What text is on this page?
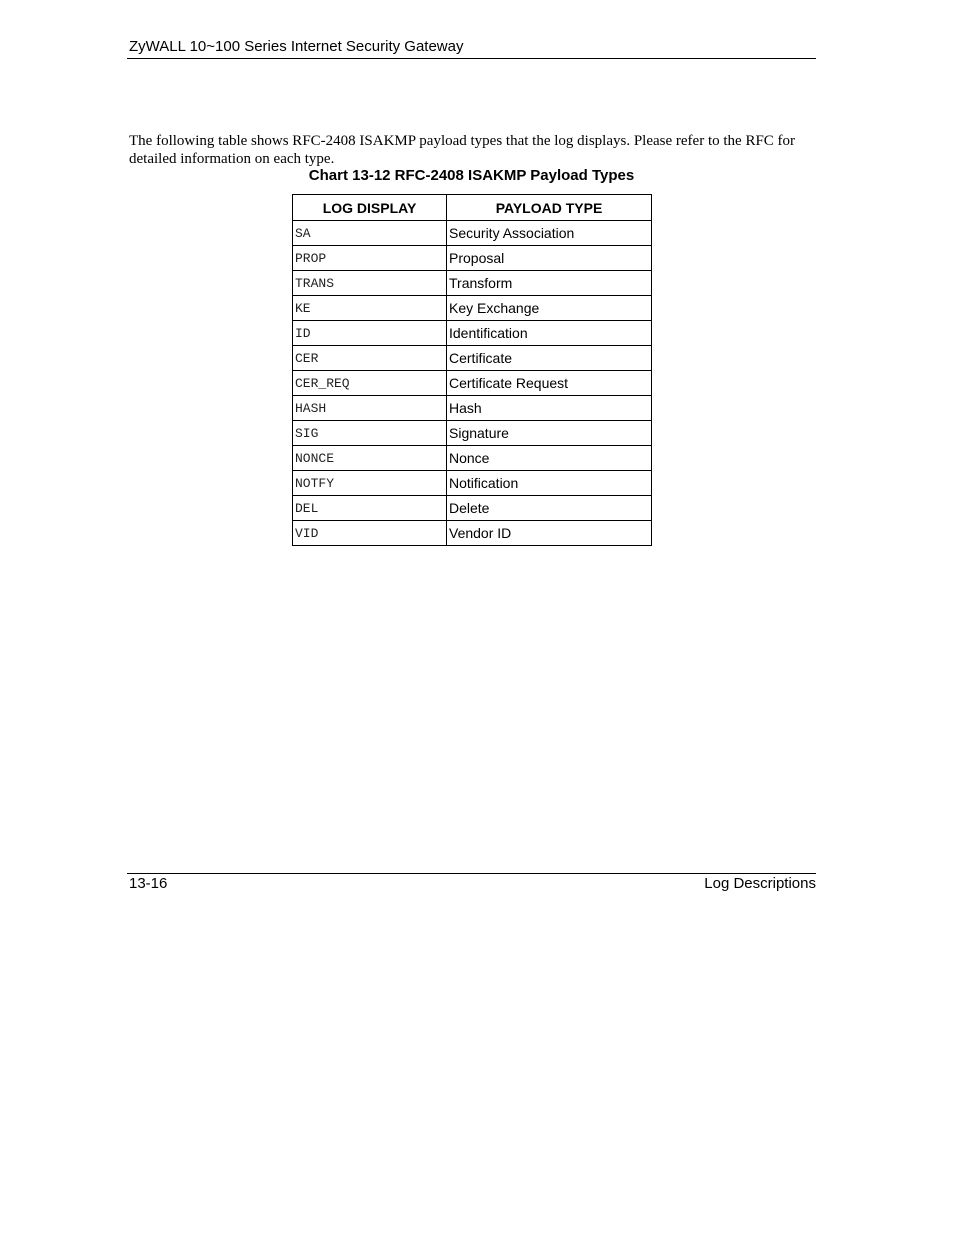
ZyWALL 10~100 Series Internet Security Gateway

The following table shows RFC-2408 ISAKMP payload types that the log displays. Please refer to the RFC for detailed information on each type.

Chart 13-12 RFC-2408 ISAKMP Payload Types
LOG DISPLAY	PAYLOAD TYPE
SA	Security Association
PROP	Proposal
TRANS	Transform
KE	Key Exchange
ID	Identification
CER	Certificate
CER_REQ	Certificate Request
HASH	Hash
SIG	Signature
NONCE	Nonce
NOTFY	Notification
DEL	Delete
VID	Vendor ID
13-16	Log Descriptions
